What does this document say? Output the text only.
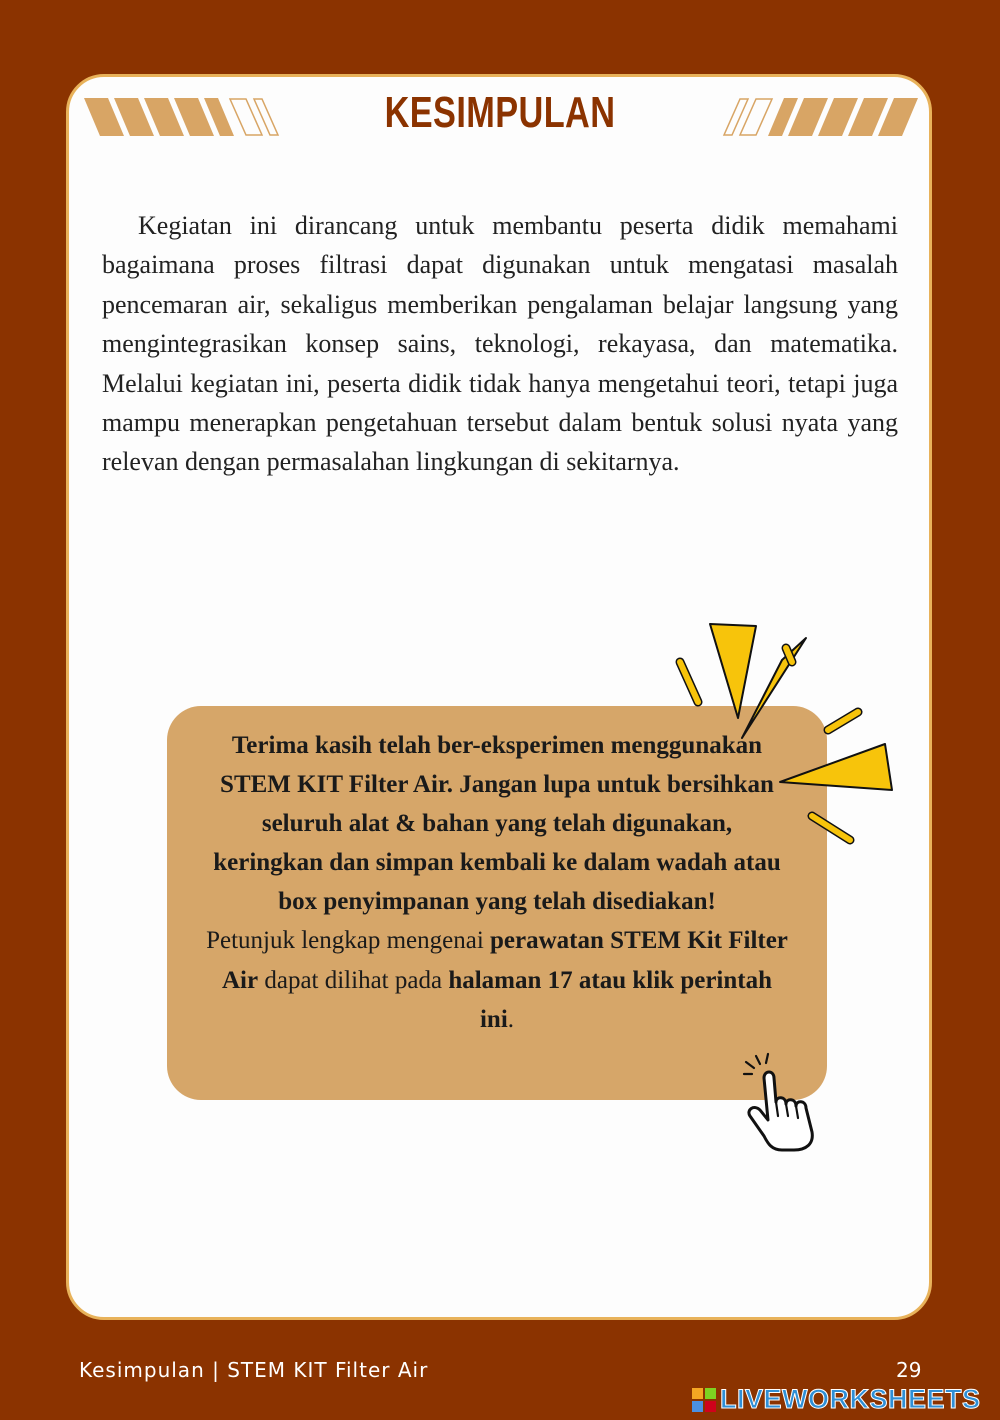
KESIMPULAN

Kegiatan ini dirancang untuk membantu peserta didik memahami bagaimana proses filtrasi dapat digunakan untuk mengatasi masalah pencemaran air, sekaligus memberikan pengalaman belajar langsung yang mengintegrasikan konsep sains, teknologi, rekayasa, dan matematika. Melalui kegiatan ini, peserta didik tidak hanya mengetahui teori, tetapi juga mampu menerapkan pengetahuan tersebut dalam bentuk solusi nyata yang relevan dengan permasalahan lingkungan di sekitarnya.

Terima kasih telah ber-eksperimen menggunakan STEM KIT Filter Air. Jangan lupa untuk bersihkan seluruh alat & bahan yang telah digunakan, keringkan dan simpan kembali ke dalam wadah atau box penyimpanan yang telah disediakan!
Petunjuk lengkap mengenai perawatan STEM Kit Filter Air dapat dilihat pada halaman 17 atau klik perintah ini.

Kesimpulan | STEM KIT Filter Air	29
LIVEWORKSHEETS
